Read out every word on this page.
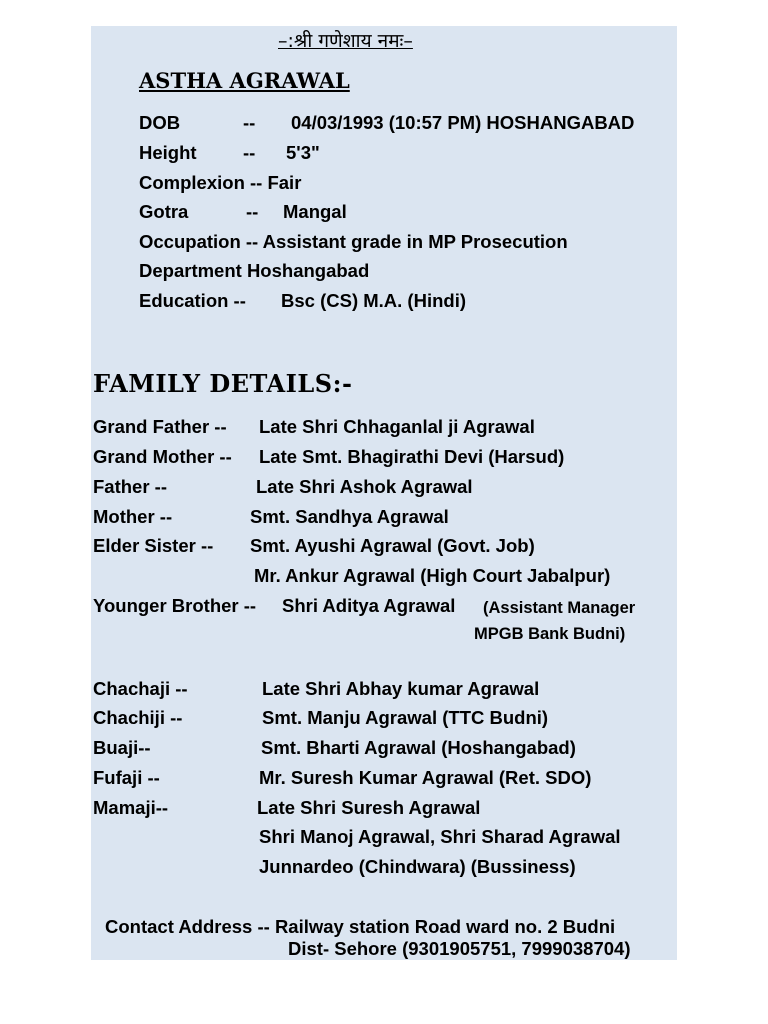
–:श्री गणेशाय नमः–
ASTHA AGRAWAL
DOB	-- 04/03/1993 (10:57 PM) HOSHANGABAD
Height	-- 5'3"
Complexion -- Fair
Gotra	-- Mangal
Occupation -- Assistant grade in MP Prosecution
Department Hoshangabad
Education -- Bsc (CS) M.A. (Hindi)
FAMILY DETAILS:-
Grand Father -- Late Shri Chhaganlal ji Agrawal
Grand Mother -- Late Smt. Bhagirathi Devi (Harsud)
Father --	Late Shri Ashok Agrawal
Mother --	Smt. Sandhya Agrawal
Elder Sister -- Smt. Ayushi Agrawal (Govt. Job)
Mr. Ankur Agrawal (High Court Jabalpur)
Younger Brother -- Shri Aditya Agrawal (Assistant Manager
MPGB Bank Budni)
Chachaji --	Late Shri Abhay kumar Agrawal
Chachiji --	Smt. Manju Agrawal (TTC Budni)
Buaji--	Smt. Bharti Agrawal (Hoshangabad)
Fufaji --	Mr. Suresh Kumar Agrawal (Ret. SDO)
Mamaji--	Late Shri Suresh Agrawal
Shri Manoj Agrawal, Shri Sharad Agrawal
Junnardeo (Chindwara) (Bussiness)
Contact Address -- Railway station Road ward no. 2 Budni
Dist- Sehore (9301905751, 7999038704)
